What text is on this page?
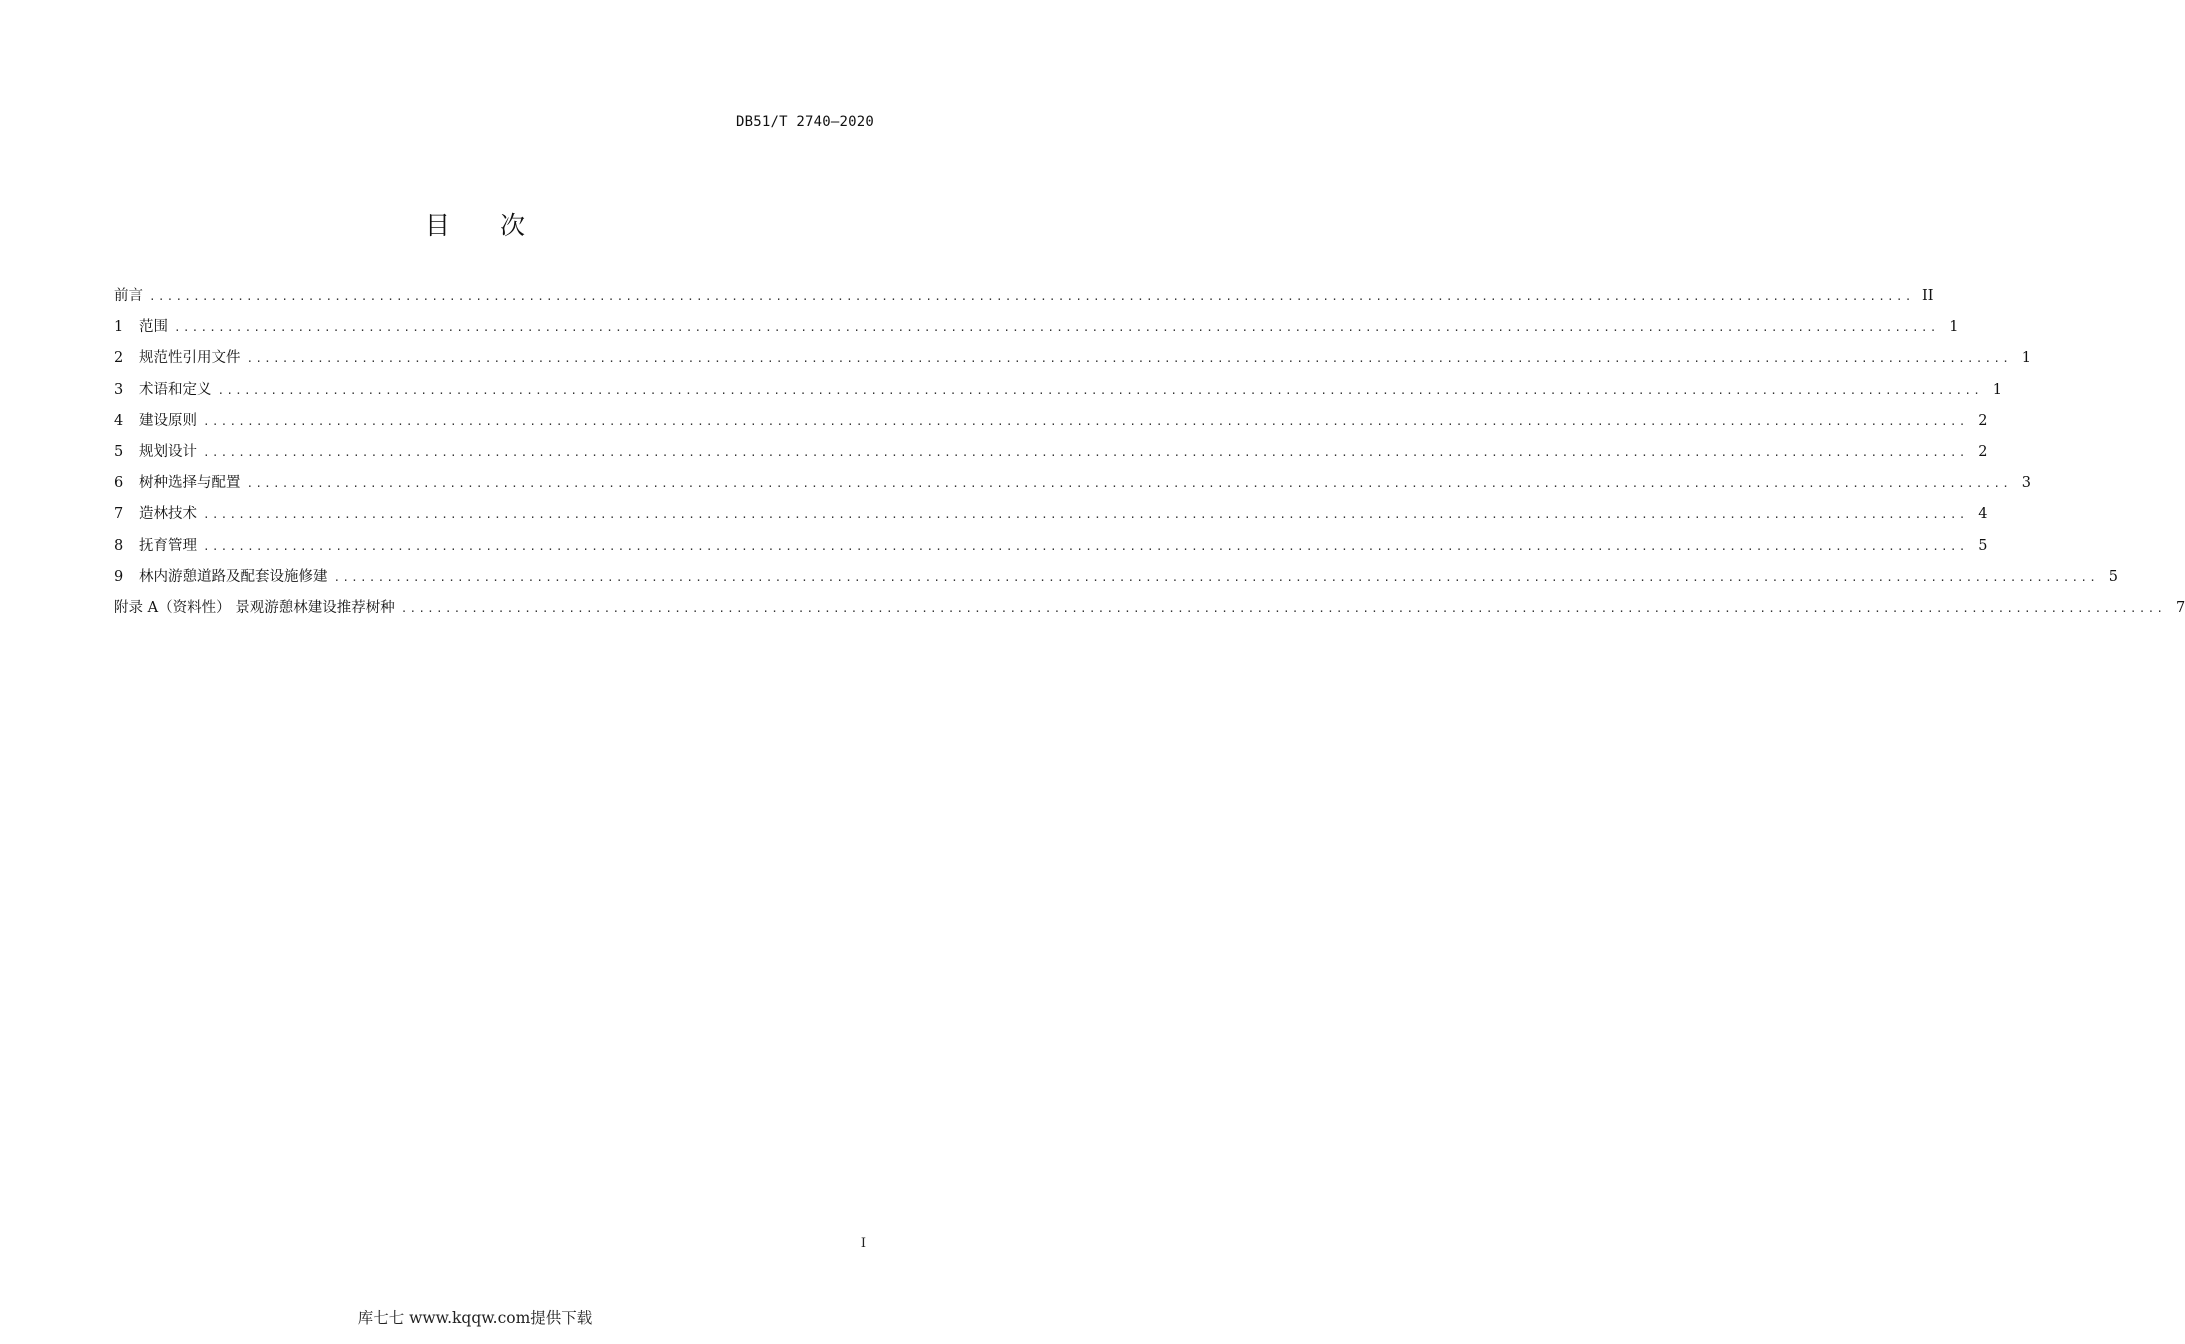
DB51/T 2740—2020
目 次
前言 ........................................................................................................................................................................................................ II
1	范围 ........................................................................................................................................................................................................ 1
2	规范性引用文件 ........................................................................................................................................................................................................ 1
3	术语和定义 ........................................................................................................................................................................................................ 1
4	建设原则 ........................................................................................................................................................................................................ 2
5	规划设计 ........................................................................................................................................................................................................ 2
6	树种选择与配置 ........................................................................................................................................................................................................ 3
7	造林技术 ........................................................................................................................................................................................................ 4
8	抚育管理 ........................................................................................................................................................................................................ 5
9	林内游憩道路及配套设施修建 ........................................................................................................................................................................................................ 5
附录 A（资料性） 景观游憩林建设推荐树种 ........................................................................................................................................................................................................ 7
I
库七七 www.kqqw.com提供下载
